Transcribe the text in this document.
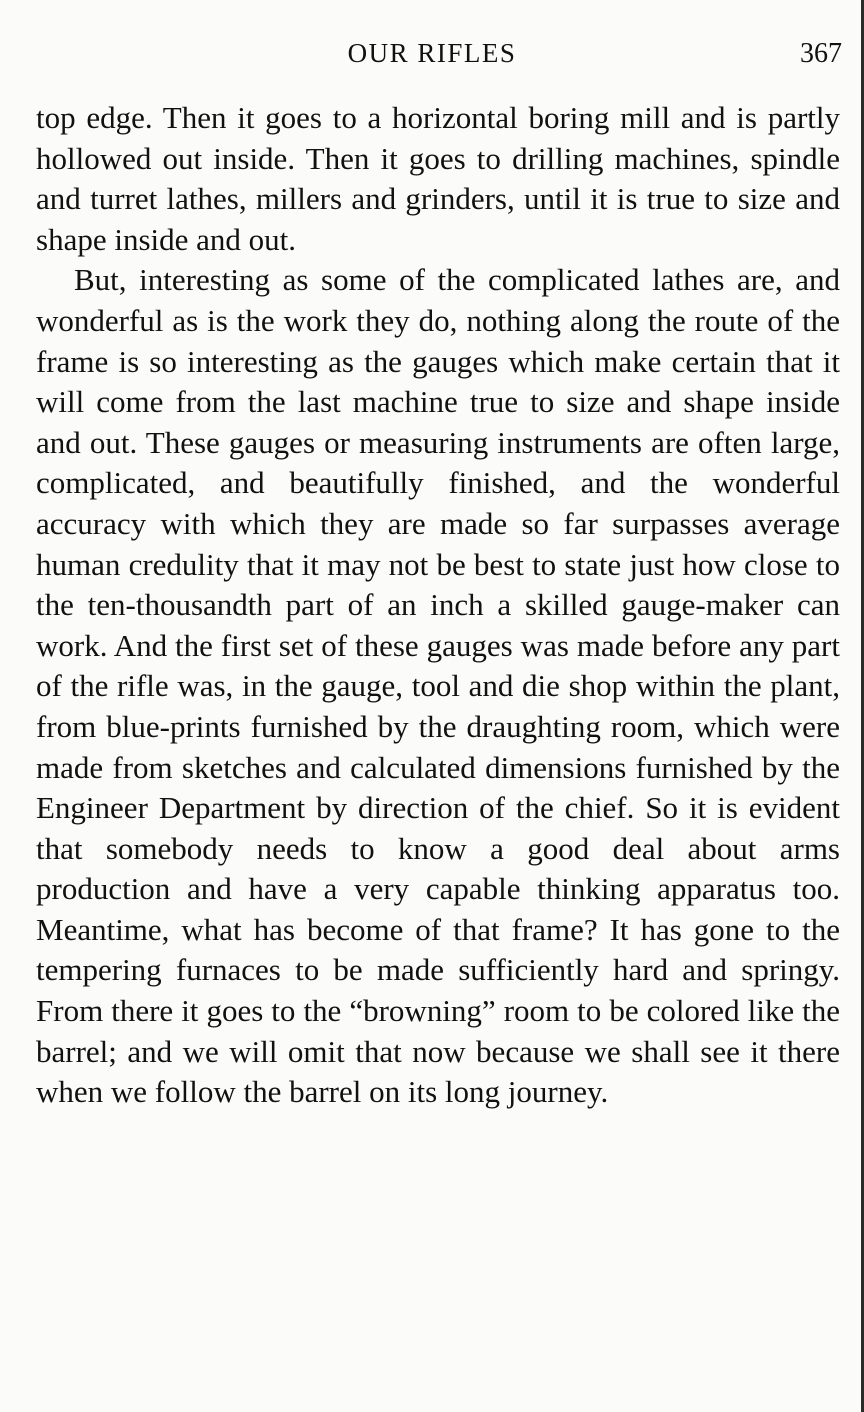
OUR RIFLES	367

top edge. Then it goes to a horizontal boring mill and is partly hollowed out inside. Then it goes to drilling machines, spindle and turret lathes, millers and grinders, until it is true to size and shape inside and out.

But, interesting as some of the complicated lathes are, and wonderful as is the work they do, nothing along the route of the frame is so interesting as the gauges which make certain that it will come from the last machine true to size and shape inside and out. These gauges or measuring instruments are often large, complicated, and beautifully finished, and the wonderful accuracy with which they are made so far surpasses average human credulity that it may not be best to state just how close to the ten-thousandth part of an inch a skilled gauge-maker can work. And the first set of these gauges was made before any part of the rifle was, in the gauge, tool and die shop within the plant, from blue-prints furnished by the draughting room, which were made from sketches and calculated dimensions furnished by the Engineer Department by direction of the chief. So it is evident that somebody needs to know a good deal about arms production and have a very capable thinking apparatus too. Meantime, what has become of that frame? It has gone to the tempering furnaces to be made sufficiently hard and springy. From there it goes to the “browning” room to be colored like the barrel; and we will omit that now because we shall see it there when we follow the barrel on its long journey.
